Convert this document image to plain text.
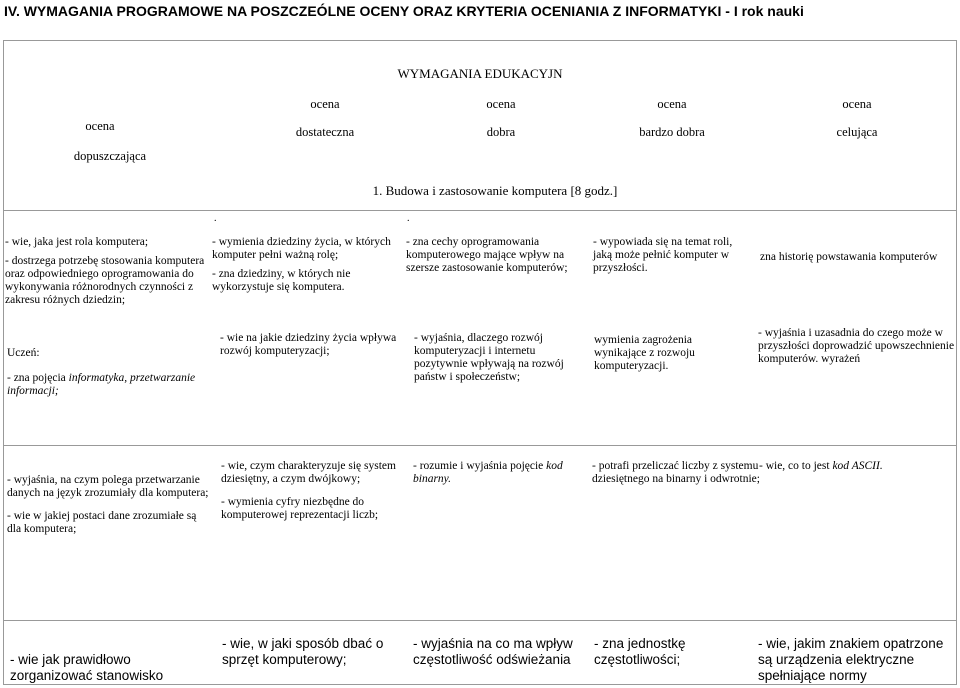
IV. WYMAGANIA PROGRAMOWE NA POSZCZEÓLNE OCENY ORAZ KRYTERIA OCENIANIA Z INFORMATYKI - I rok nauki
WYMAGANIA EDUKACYJN
ocena
dopuszczająca
ocena
dostateczna
ocena
dobra
ocena
bardzo dobra
ocena
celująca
1. Budowa i zastosowanie komputera [8 godz.]
.	.

- wie, jaka jest rola komputera;

- dostrzega potrzebę stosowania komputera oraz odpowiedniego oprogramowania do wykonywania różnorodnych czynności z zakresu różnych dziedzin;

- wymienia dziedziny życia, w których komputer pełni ważną rolę;

- zna dziedziny, w których nie wykorzystuje się komputera.

- zna cechy oprogramowania komputerowego mające wpływ na szersze zastosowanie komputerów;

- wypowiada się na temat roli, jaką może pełnić komputer w przyszłości.

zna historię powstawania komputerów

Uczeń:

- zna pojęcia informatyka, przetwarzanie informacji;

- wie na jakie dziedziny życia wpływa rozwój komputeryzacji;

- wyjaśnia, dlaczego rozwój komputeryzacji i internetu pozytywnie wpływają na rozwój państw i społeczeństw;

wymienia zagrożenia wynikające z rozwoju komputeryzacji.

- wyjaśnia i uzasadnia do czego może w przyszłości doprowadzić upowszechnienie komputerów. wyrażeń

- wyjaśnia, na czym polega przetwarzanie danych na język zrozumiały dla komputera;

- wie w jakiej postaci dane zrozumiałe są dla komputera;

- wie, czym charakteryzuje się system dziesiętny, a czym dwójkowy;

- wymienia cyfry niezbędne do komputerowej reprezentacji liczb;

- rozumie i wyjaśnia pojęcie kod binarny.

- potrafi przeliczać liczby z systemu dziesiętnego na binarny i odwrotnie;

- wie, co to jest kod ASCII.

- wie jak prawidłowo zorganizować stanowisko
- wie, w jaki sposób dbać o sprzęt komputerowy;
- wyjaśnia na co ma wpływ częstotliwość odświeżania
- zna jednostkę częstotliwości;
- wie, jakim znakiem opatrzone są urządzenia elektryczne spełniające normy
